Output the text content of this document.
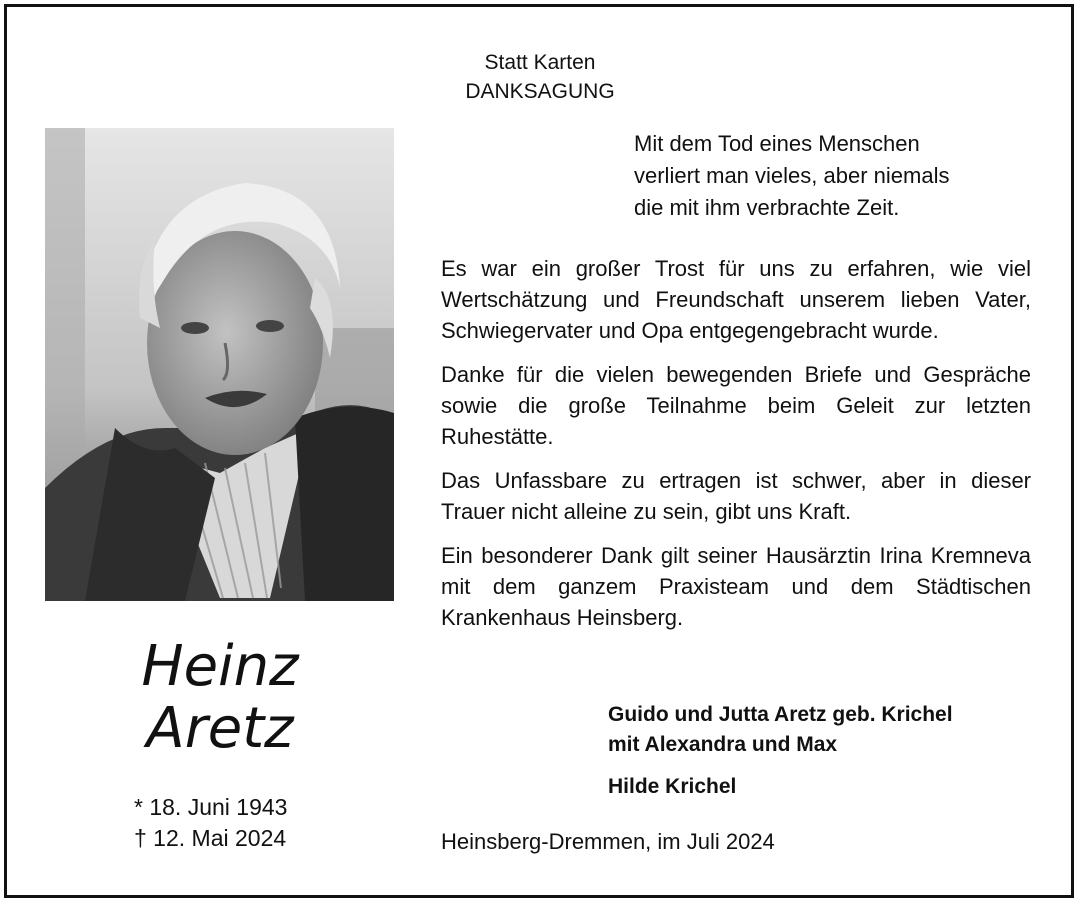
Statt Karten
DANKSAGUNG
Mit dem Tod eines Menschen
verliert man vieles, aber niemals
die mit ihm verbrachte Zeit.

Es war ein großer Trost für uns zu erfahren, wie viel Wertschätzung und Freundschaft unserem lieben Vater, Schwiegervater und Opa entgegengebracht wurde.

Danke für die vielen bewegenden Briefe und Gespräche sowie die große Teilnahme beim Geleit zur letzten Ruhestätte.

Das Unfassbare zu ertragen ist schwer, aber in dieser Trauer nicht alleine zu sein, gibt uns Kraft.

Ein besonderer Dank gilt seiner Hausärztin Irina Kremneva mit dem ganzem Praxisteam und dem Städtischen Krankenhaus Heinsberg.

Heinz
Aretz
* 18. Juni 1943
† 12. Mai 2024
Guido und Jutta Aretz geb. Krichel
mit Alexandra und Max
Hilde Krichel
Heinsberg-Dremmen, im Juli 2024
